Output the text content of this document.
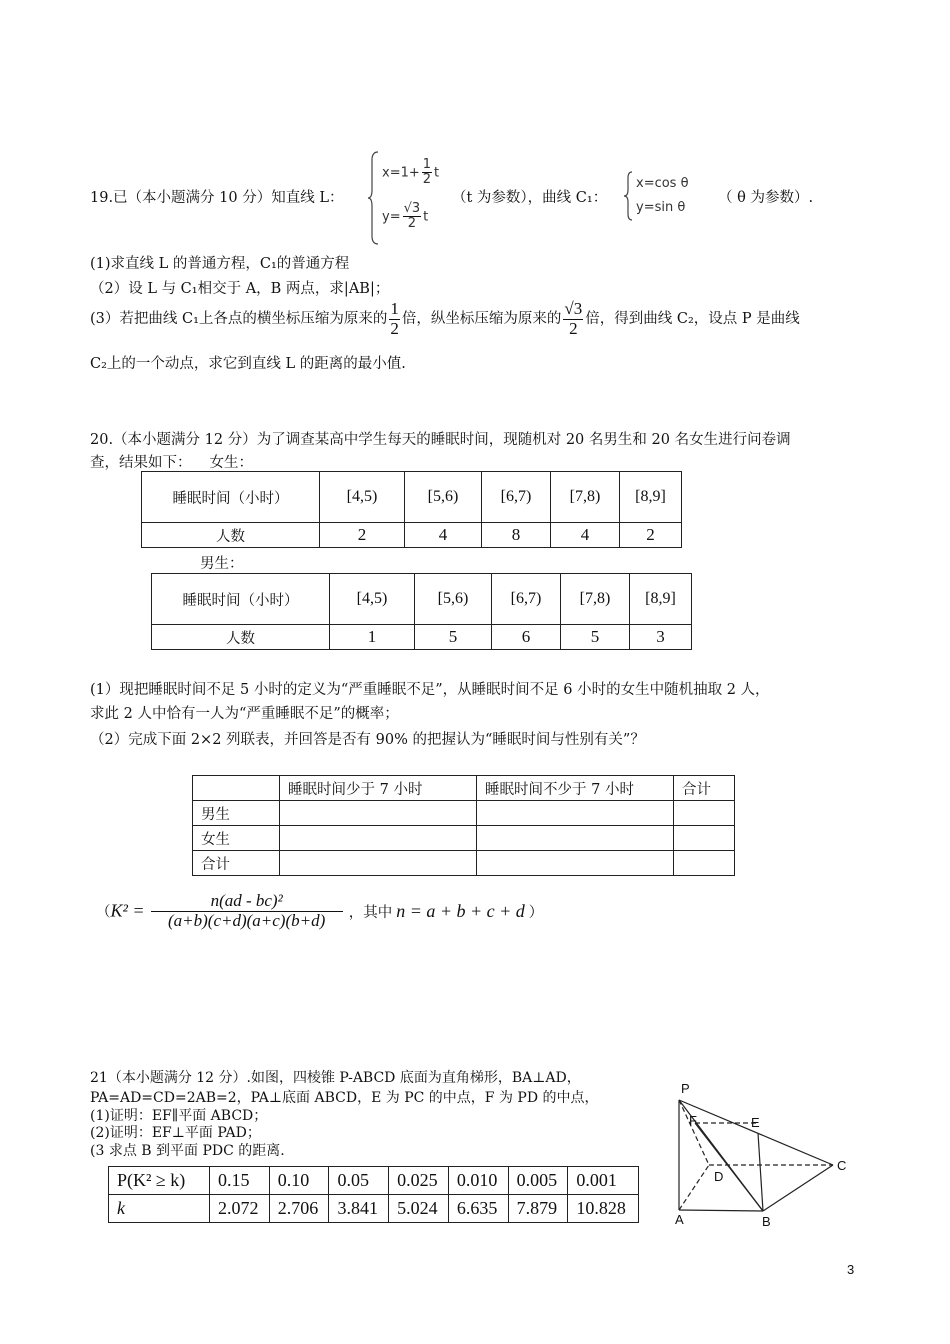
19.已（本小题满分 10 分）知直线 L：
$x=1+ \frac{1}{2}$ t
$y= \frac{√3}{2}$ t
（t 为参数），曲线 C₁：
x=cos θ
y=sin θ
（ θ 为参数）.
(1)求直线 L 的普通方程，C₁的普通方程
（2）设 L 与 C₁相交于 A，B 两点，求|AB|；
(3）若把曲线 C₁上各点的横坐标压缩为原来的 $\frac{1}{2}$ 倍，纵坐标压缩为原来的 $\frac{√3}{2}$ 倍，得到曲线 C₂，设点 P 是曲线
C₂上的一个动点，求它到直线 L 的距离的最小值.
20.（本小题满分 12 分）为了调查某高中学生每天的睡眠时间，现随机对 20 名男生和 20 名女生进行问卷调
查，结果如下： 女生：
睡眠时间（小时）	[4,5)	[5,6)	[6,7)	[7,8)	[8,9]
人数	2	4	8	4	2
男生：
睡眠时间（小时）	[4,5)	[5,6)	[6,7)	[7,8)	[8,9]
人数	1	5	6	5	3
(1）现把睡眠时间不足 5 小时的定义为“严重睡眠不足”，从睡眠时间不足 6 小时的女生中随机抽取 2 人，
求此 2 人中恰有一人为“严重睡眠不足”的概率；
（2）完成下面 2×2 列联表，并回答是否有 90% 的把握认为“睡眠时间与性别有关”？
	睡眠时间少于 7 小时	睡眠时间不少于 7 小时	合计
男生			
女生			
合计			
（$K^2 = \frac{\text{n(ad - bc)²}}{(a+b)(c+d)(a+c)(b+d)}$ ，其中 n = a + b + c + d ）
21（本小题满分 12 分）.如图，四棱锥 P-ABCD 底面为直角梯形，BA⊥AD，
PA=AD=CD=2AB=2，PA⊥底面 ABCD，E 为 PC 的中点，F 为 PD 的中点，
(1)证明：EF∥平面 ABCD；
(2)证明：EF⊥平面 PAD；
(3 求点 B 到平面 PDC 的距离.
P(K² ≥ k)	0.15	0.10	0.05	0.025	0.010	0.005	0.001
k	2.072	2.706	3.841	5.024	6.635	7.879	10.828
P
F	E
D
C
A	B
3
